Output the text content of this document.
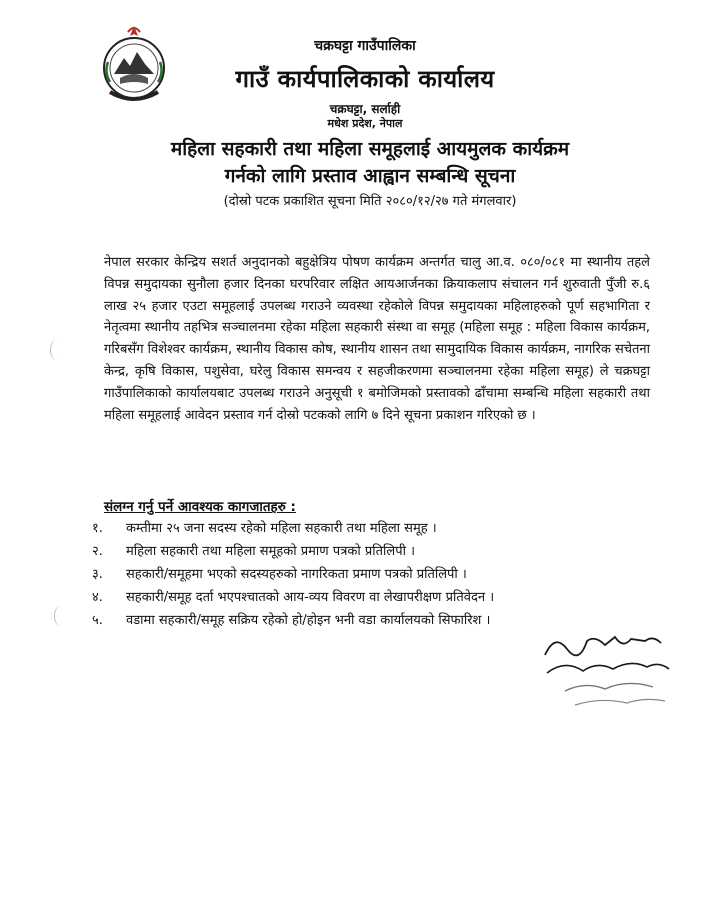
चक्रघट्टा गाउँपालिका

गाउँ कार्यपालिकाको कार्यालय

चक्रघट्टा, सर्लाही

मधेश प्रदेश, नेपाल

महिला सहकारी तथा महिला समूहलाई आयमुलक कार्यक्रम

गर्नको लागि प्रस्ताव आह्वान सम्बन्धि सूचना

(दोस्रो पटक प्रकाशित सूचना मिति २०८०/१२/२७ गते मंगलवार)

नेपाल सरकार केन्द्रिय सशर्त अनुदानको बहुक्षेत्रिय पोषण कार्यक्रम अन्तर्गत चालु आ.व. ०८०/०८१ मा स्थानीय तहले विपन्न समुदायका सुनौला हजार दिनका घरपरिवार लक्षित आयआर्जनका क्रियाकलाप संचालन गर्न शुरुवाती पुँजी रु.६ लाख २५ हजार एउटा समूहलाई उपलब्ध गराउने व्यवस्था रहेकोले विपन्न समुदायका महिलाहरुको पूर्ण सहभागिता र नेतृत्वमा स्थानीय तहभित्र सञ्चालनमा रहेका महिला सहकारी संस्था वा समूह (महिला समूह : महिला विकास कार्यक्रम, गरिबसँग विशेश्वर कार्यक्रम, स्थानीय विकास कोष, स्थानीय शासन तथा सामुदायिक विकास कार्यक्रम, नागरिक सचेतना केन्द्र, कृषि विकास, पशुसेवा, घरेलु विकास समन्वय र सहजीकरणमा सञ्चालनमा रहेका महिला समूह) ले चक्रघट्टा गाउँपालिकाको कार्यालयबाट उपलब्ध गराउने अनुसूची १ बमोजिमको प्रस्तावको ढाँचामा सम्बन्धि महिला सहकारी तथा महिला समूहलाई आवेदन प्रस्ताव गर्न दोस्रो पटकको लागि ७ दिने सूचना प्रकाशन गरिएको छ ।

संलग्न गर्नु पर्ने आवश्यक कागजातहरु :

१. कम्तीमा २५ जना सदस्य रहेको महिला सहकारी तथा महिला समूह ।
२. महिला सहकारी तथा महिला समूहको प्रमाण पत्रको प्रतिलिपी ।
३. सहकारी/समूहमा भएको सदस्यहरुको नागरिकता प्रमाण पत्रको प्रतिलिपी ।
४. सहकारी/समूह दर्ता भएपश्चातको आय-व्यय विवरण वा लेखापरीक्षण प्रतिवेदन ।
५. वडामा सहकारी/समूह सक्रिय रहेको हो/होइन भनी वडा कार्यालयको सिफारिश ।
